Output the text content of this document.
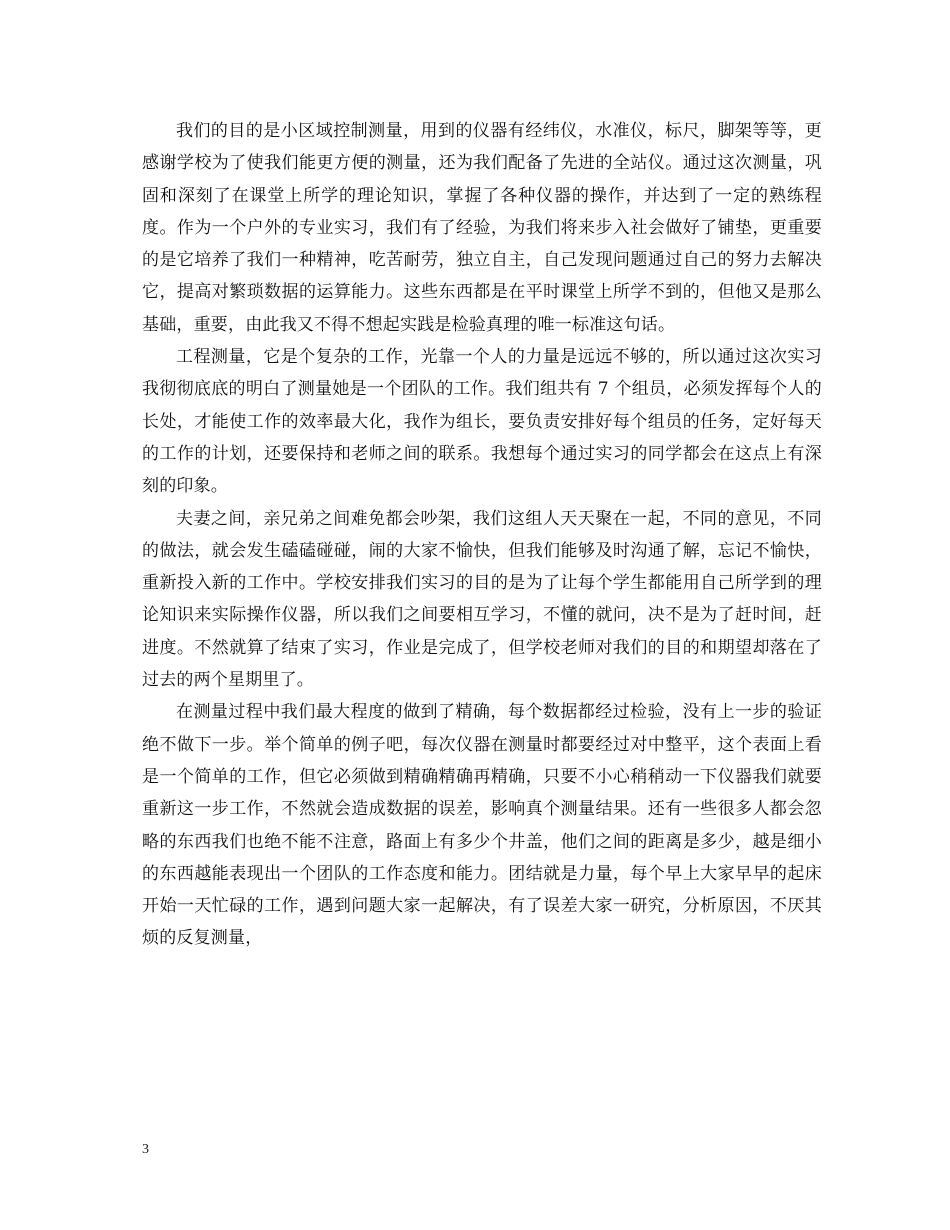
我们的目的是小区域控制测量，用到的仪器有经纬仪，水准仪，标尺，脚架等等，更感谢学校为了使我们能更方便的测量，还为我们配备了先进的全站仪。通过这次测量，巩固和深刻了在课堂上所学的理论知识，掌握了各种仪器的操作，并达到了一定的熟练程度。作为一个户外的专业实习，我们有了经验，为我们将来步入社会做好了铺垫，更重要的是它培养了我们一种精神，吃苦耐劳，独立自主，自己发现问题通过自己的努力去解决它，提高对繁琐数据的运算能力。这些东西都是在平时课堂上所学不到的，但他又是那么基础，重要，由此我又不得不想起实践是检验真理的唯一标准这句话。

工程测量，它是个复杂的工作，光靠一个人的力量是远远不够的，所以通过这次实习我彻彻底底的明白了测量她是一个团队的工作。我们组共有 7 个组员，必须发挥每个人的长处，才能使工作的效率最大化，我作为组长，要负责安排好每个组员的任务，定好每天的工作的计划，还要保持和老师之间的联系。我想每个通过实习的同学都会在这点上有深刻的印象。

夫妻之间，亲兄弟之间难免都会吵架，我们这组人天天聚在一起，不同的意见，不同的做法，就会发生磕磕碰碰，闹的大家不愉快，但我们能够及时沟通了解，忘记不愉快，重新投入新的工作中。学校安排我们实习的目的是为了让每个学生都能用自己所学到的理论知识来实际操作仪器，所以我们之间要相互学习，不懂的就问，决不是为了赶时间，赶进度。不然就算了结束了实习，作业是完成了，但学校老师对我们的目的和期望却落在了过去的两个星期里了。

在测量过程中我们最大程度的做到了精确，每个数据都经过检验，没有上一步的验证绝不做下一步。举个简单的例子吧，每次仪器在测量时都要经过对中整平，这个表面上看是一个简单的工作，但它必须做到精确精确再精确，只要不小心稍稍动一下仪器我们就要重新这一步工作，不然就会造成数据的误差，影响真个测量结果。还有一些很多人都会忽略的东西我们也绝不能不注意，路面上有多少个井盖，他们之间的距离是多少，越是细小的东西越能表现出一个团队的工作态度和能力。团结就是力量，每个早上大家早早的起床开始一天忙碌的工作，遇到问题大家一起解决，有了误差大家一研究，分析原因，不厌其烦的反复测量，

3
